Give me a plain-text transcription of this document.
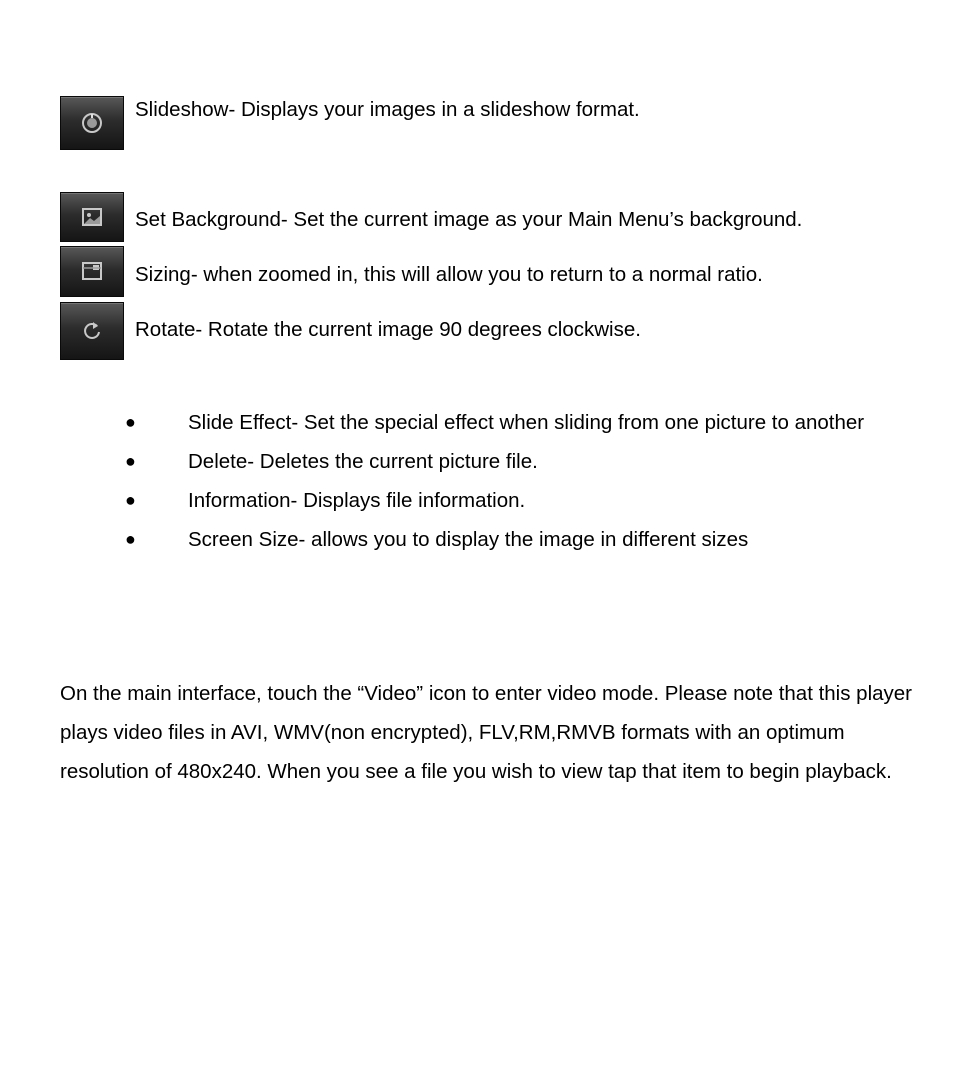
Slideshow- Displays your images in a slideshow format.
Set Background- Set the current image as your Main Menu’s background.
Sizing- when zoomed in, this will allow you to return to a normal ratio.
Rotate- Rotate the current image 90 degrees clockwise.
●	Slide Effect- Set the special effect when sliding from one picture to another
●	Delete- Deletes the current picture file.
●	Information- Displays file information.
●	Screen Size- allows you to display the image in different sizes

On the main interface, touch the “Video” icon to enter video mode. Please note that this player plays video files in AVI, WMV(non encrypted), FLV,RM,RMVB formats with an optimum resolution of 480x240. When you see a file you wish to view tap that item to begin playback.
